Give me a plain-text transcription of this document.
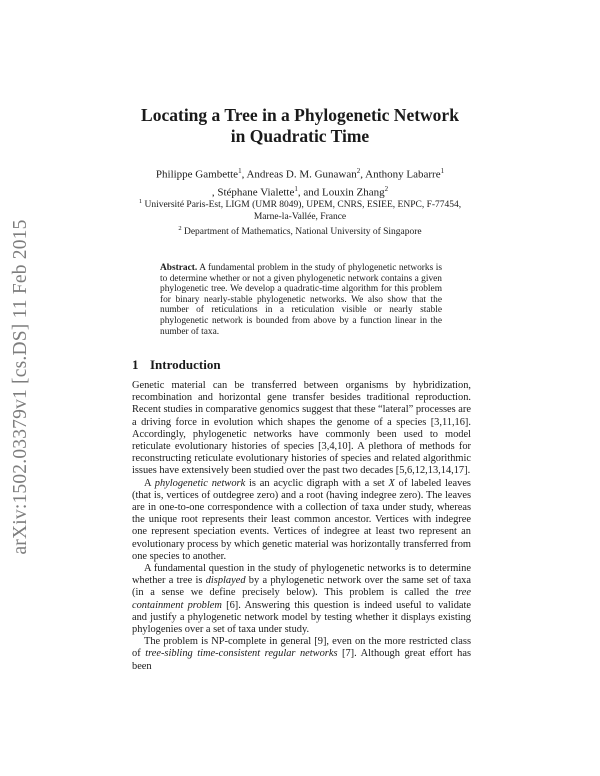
arXiv:1502.03379v1 [cs.DS] 11 Feb 2015
Locating a Tree in a Phylogenetic Network
in Quadratic Time
Philippe Gambette$^1$, Andreas D. M. Gunawan$^2$, Anthony Labarre$^1$
, Stéphane Vialette$^1$, and Louxin Zhang$^2$
$^1$ Université Paris-Est, LIGM (UMR 8049), UPEM, CNRS, ESIEE, ENPC, F-77454, Marne-la-Vallée, France
$^2$ Department of Mathematics, National University of Singapore
Abstract. A fundamental problem in the study of phylogenetic networks is to determine whether or not a given phylogenetic network contains a given phylogenetic tree. We develop a quadratic-time algorithm for this problem for binary nearly-stable phylogenetic networks. We also show that the number of reticulations in a reticulation visible or nearly stable phylogenetic network is bounded from above by a function linear in the number of taxa.
1 Introduction

Genetic material can be transferred between organisms by hybridization, recombination and horizontal gene transfer besides traditional reproduction. Recent studies in comparative genomics suggest that these “lateral” processes are a driving force in evolution which shapes the genome of a species [3,11,16]. Accordingly, phylogenetic networks have commonly been used to model reticulate evolutionary histories of species [3,4,10]. A plethora of methods for reconstructing reticulate evolutionary histories of species and related algorithmic issues have extensively been studied over the past two decades [5,6,12,13,14,17].

A phylogenetic network is an acyclic digraph with a set X of labeled leaves (that is, vertices of outdegree zero) and a root (having indegree zero). The leaves are in one-to-one correspondence with a collection of taxa under study, whereas the unique root represents their least common ancestor. Vertices with indegree one represent speciation events. Vertices of indegree at least two represent an evolutionary process by which genetic material was horizontally transferred from one species to another.

A fundamental question in the study of phylogenetic networks is to determine whether a tree is displayed by a phylogenetic network over the same set of taxa (in a sense we define precisely below). This problem is called the tree containment problem [6]. Answering this question is indeed useful to validate and justify a phylogenetic network model by testing whether it displays existing phylogenies over a set of taxa under study.

The problem is NP-complete in general [9], even on the more restricted class of tree-sibling time-consistent regular networks [7]. Although great effort has been
